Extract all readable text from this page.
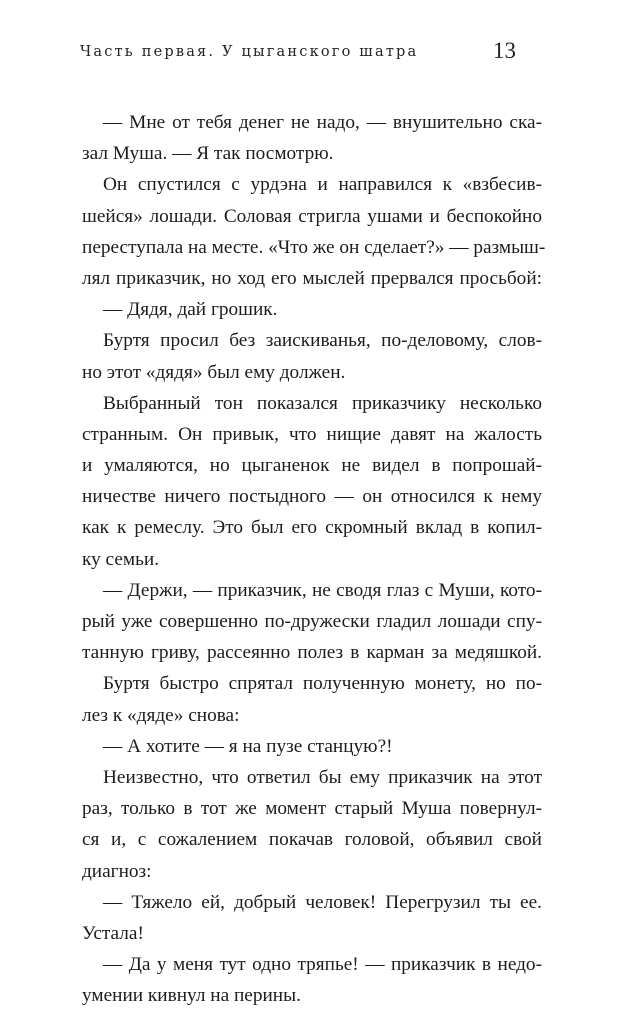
Часть первая. У цыганского шатра	13

— Мне от тебя денег не надо, — внушительно ска-
зал Муша. — Я так посмотрю.

Он спустился с урдэна и направился к «взбесив-
шейся» лошади. Соловая стригла ушами и беспокойно
переступала на месте. «Что же он сделает?» — размыш-
лял приказчик, но ход его мыслей прервался просьбой:

— Дядя, дай грошик.

Буртя просил без заискиванья, по-деловому, слов-
но этот «дядя» был ему должен.

Выбранный тон показался приказчику несколько
странным. Он привык, что нищие давят на жалость
и умаляются, но цыганенок не видел в попрошай-
ничестве ничего постыдного — он относился к нему
как к ремеслу. Это был его скромный вклад в копил-
ку семьи.

— Держи, — приказчик, не сводя глаз с Муши, кото-
рый уже совершенно по-дружески гладил лошади спу-
танную гриву, рассеянно полез в карман за медяшкой.

Буртя быстро спрятал полученную монету, но по-
лез к «дяде» снова:

— А хотите — я на пузе станцую?!

Неизвестно, что ответил бы ему приказчик на этот
раз, только в тот же момент старый Муша повернул-
ся и, с сожалением покачав головой, объявил свой
диагноз:

— Тяжело ей, добрый человек! Перегрузил ты ее.
Устала!

— Да у меня тут одно тряпье! — приказчик в недо-
умении кивнул на перины.
